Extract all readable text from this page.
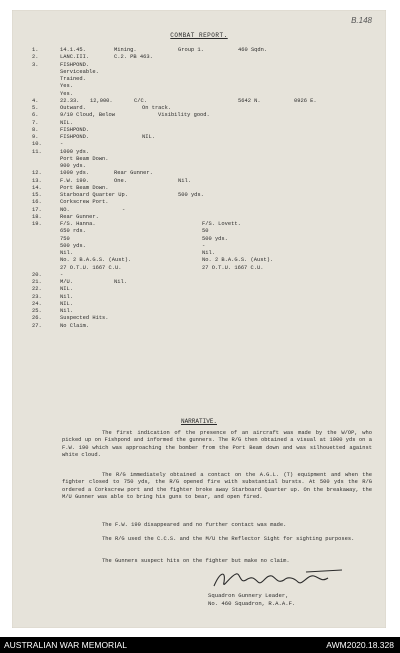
B.148
COMBAT REPORT.
1.	14.1.45.	Mining.	Group 1.	460 Sqdn.
2.	LANC.III.	C.2. PB 463.
3.	FISHPOND.
Serviceable.
Trained.
Yes.
Yes.
4.	22.33. 12,000.	C/C.	5642 N.	0926 E.
5.	Outward.	On track.
6.	9/10 Cloud, Below	Visibility good.
7.	NIL.
8.	FISHPOND.
9.	FISHPOND.	NIL.
10.	-
11.	1000 yds.
Port Beam Down.
900 yds.
12.	1000 yds.	Rear Gunner.
13.	F.W. 190.	One.	Nil.
14.	Port Beam Down.
15.	Starboard Quarter Up.	500 yds.
16.	Corkscrew Port.
17.	NO.	-
18.	Rear Gunner.
19.	F/S. Hanna.	F/S. Lovett.
650 rds.	50
750	500 yds.
500 yds.	-
Nil.	Nil.
No. 2 B.A.G.S. (Aust).	No. 2 B.A.G.S. (Aust).
27 O.T.U. 1667 C.U.	27 O.T.U. 1667 C.U.
20.	-
21.	M/U.	Nil.
22.	NIL.
23.	Nil.
24.	NIL.
25.	Nil.
26.	Suspected Hits.
27.	No Claim.
NARRATIVE.
The first indication of the presence of an aircraft was made by the W/OP, who picked up on Fishpond and informed the gunners. The R/G then obtained a visual at 1000 yds on a F.W. 190 which was approaching the bomber from the Port Beam down and was silhouetted against white cloud.
The R/G immediately obtained a contact on the A.G.L. (T) equipment and when the fighter closed to 750 yds, the R/G opened fire with substantial bursts. At 500 yds the R/G ordered a Corkscrew port and the fighter broke away Starboard Quarter up. On the breakaway, the M/U Gunner was able to bring his guns to bear, and open fired.
The F.W. 190 disappeared and no further contact was made.
The R/G used the C.C.S. and the M/U the Reflector Sight for sighting purposes.
The Gunners suspect hits on the fighter but make no claim.
Squadron Gunnery Leader,
No. 460 Squadron, R.A.A.F.
AUSTRALIAN WAR MEMORIAL	AWM2020.18.328
